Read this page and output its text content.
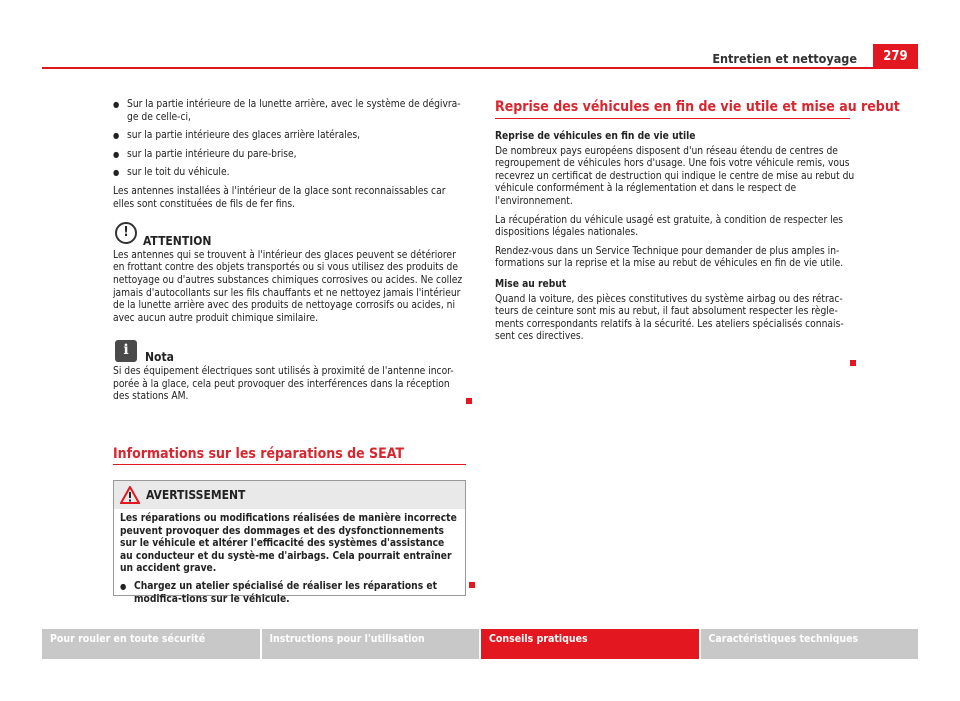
Entretien et nettoyage	279
● Sur la partie intérieure de la lunette arrière, avec le système de dégivra-ge de celle-ci,
● sur la partie intérieure des glaces arrière latérales,
● sur la partie intérieure du pare-brise,
● sur le toit du véhicule.

Les antennes installées à l'intérieur de la glace sont reconnaissables car elles sont constituées de fils de fer fins.

!
ATTENTION

Les antennes qui se trouvent à l'intérieur des glaces peuvent se détériorer en frottant contre des objets transportés ou si vous utilisez des produits de nettoyage ou d'autres substances chimiques corrosives ou acides. Ne collez jamais d'autocollants sur les fils chauffants et ne nettoyez jamais l'intérieur de la lunette arrière avec des produits de nettoyage corrosifs ou acides, ni avec aucun autre produit chimique similaire.

i	Nota

Si des équipement électriques sont utilisés à proximité de l'antenne incor-porée à la glace, cela peut provoquer des interférences dans la réception des stations AM.

Informations sur les réparations de SEAT
AVERTISSEMENT

Les réparations ou modifications réalisées de manière incorrecte peuvent provoquer des dommages et des dysfonctionnements sur le véhicule et altérer l'efficacité des systèmes d'assistance au conducteur et du systè-me d'airbags. Cela pourrait entraîner un accident grave.

● Chargez un atelier spécialisé de réaliser les réparations et modifica-tions sur le véhicule.
Reprise des véhicules en fin de vie utile et mise au rebut
Reprise de véhicules en fin de vie utile

De nombreux pays européens disposent d'un réseau étendu de centres de regroupement de véhicules hors d'usage. Une fois votre véhicule remis, vous recevrez un certificat de destruction qui indique le centre de mise au rebut du véhicule conformément à la réglementation et dans le respect de l'environnement.

La récupération du véhicule usagé est gratuite, à condition de respecter les dispositions légales nationales.

Rendez-vous dans un Service Technique pour demander de plus amples in-formations sur la reprise et la mise au rebut de véhicules en fin de vie utile.

Mise au rebut

Quand la voiture, des pièces constitutives du système airbag ou des rétrac-teurs de ceinture sont mis au rebut, il faut absolument respecter les règle-ments correspondants relatifs à la sécurité. Les ateliers spécialisés connais-sent ces directives.

Pour rouler en toute sécurité	Instructions pour l'utilisation	Conseils pratiques	Caractéristiques techniques
